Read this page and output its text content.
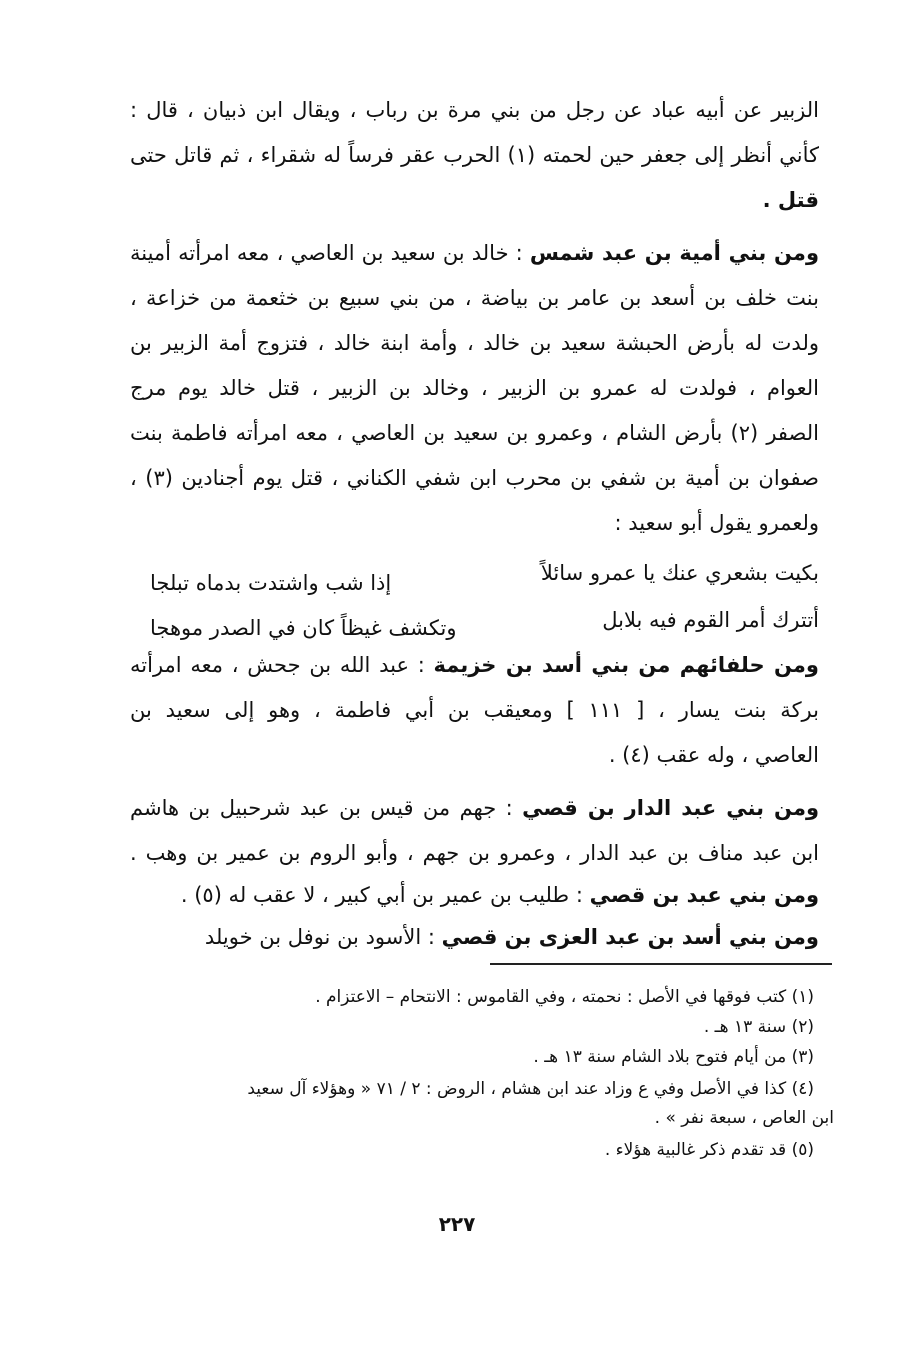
الزبير عن أبيه عباد عن رجل من بني مرة بن رباب ، ويقال ابن ذبيان ، قال :
كأني أنظر إلى جعفر حين لحمته (١) الحرب عقر فرساً له شقراء ، ثم قاتل حتى
قتل .
ومن بني أمية بن عبد شمس : خالد بن سعيد بن العاصي ، معه امرأته أمينة
بنت خلف بن أسعد بن عامر بن بياضة ، من بني سبيع بن خثعمة من خزاعة ،
ولدت له بأرض الحبشة سعيد بن خالد ، وأمة ابنة خالد ، فتزوج أمة الزبير بن
العوام ، فولدت له عمرو بن الزبير ، وخالد بن الزبير ، قتل خالد يوم مرج
الصفر (٢) بأرض الشام ، وعمرو بن سعيد بن العاصي ، معه امرأته فاطمة بنت
صفوان بن أمية بن شفي بن محرب ابن شفي الكناني ، قتل يوم أجنادين (٣) ،
ولعمرو يقول أبو سعيد :
بكيت بشعري عنك يا عمرو سائلاً
إذا شب واشتدت بدماه تبلجا
أتترك أمر القوم فيه بلابل
وتكشف غيظاً كان في الصدر موهجا
ومن حلفائهم من بني أسد بن خزيمة : عبد الله بن جحش ، معه امرأته
بركة بنت يسار ، [ ١١١ ] ومعيقب بن أبي فاطمة ، وهو إلى سعيد بن
العاصي ، وله عقب (٤) .
ومن بني عبد الدار بن قصي : جهم من قيس بن عبد شرحبيل بن هاشم
ابن عبد مناف بن عبد الدار ، وعمرو بن جهم ، وأبو الروم بن عمير بن وهب .
ومن بني عبد بن قصي : طليب بن عمير بن أبي كبير ، لا عقب له (٥) .
ومن بني أسد بن عبد العزى بن قصي : الأسود بن نوفل بن خويلد
(١) كتب فوقها في الأصل : نحمته ، وفي القاموس : الانتحام – الاعتزام .
(٢) سنة ١٣ هـ .
(٣) من أيام فتوح بلاد الشام سنة ١٣ هـ .
(٤) كذا في الأصل وفي ع وزاد عند ابن هشام ، الروض : ٢ / ٧١ « وهؤلاء آل سعيد
ابن العاص ، سبعة نفر » .
(٥) قد تقدم ذكر غالبية هؤلاء .
٢٢٧
